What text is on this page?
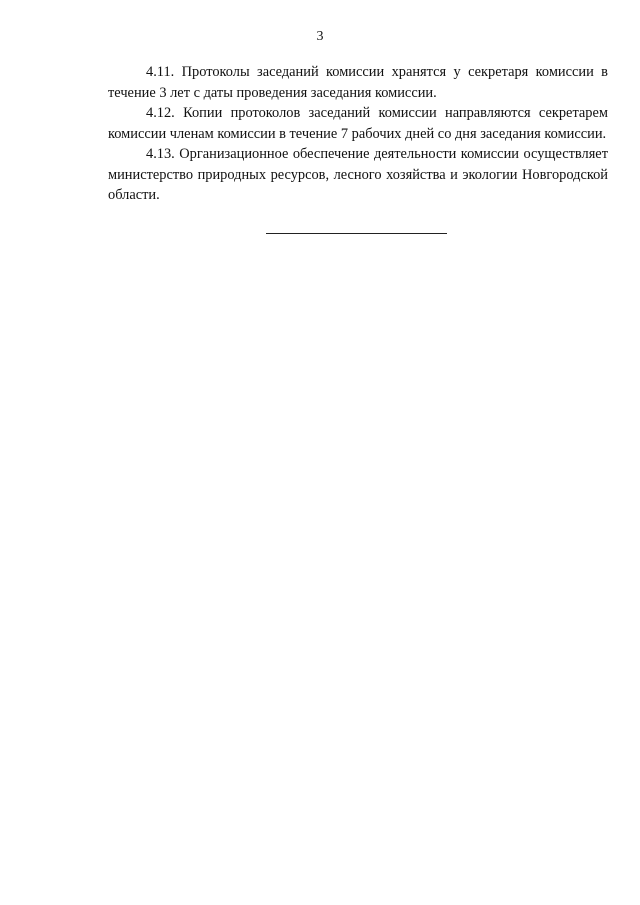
3

4.11. Протоколы заседаний комиссии хранятся у секретаря комиссии в течение 3 лет с даты проведения заседания комиссии.

4.12. Копии протоколов заседаний комиссии направляются секретарем комиссии членам комиссии в течение 7 рабочих дней со дня заседания комиссии.

4.13. Организационное обеспечение деятельности комиссии осуществляет министерство природных ресурсов, лесного хозяйства и экологии Новгородской области.
